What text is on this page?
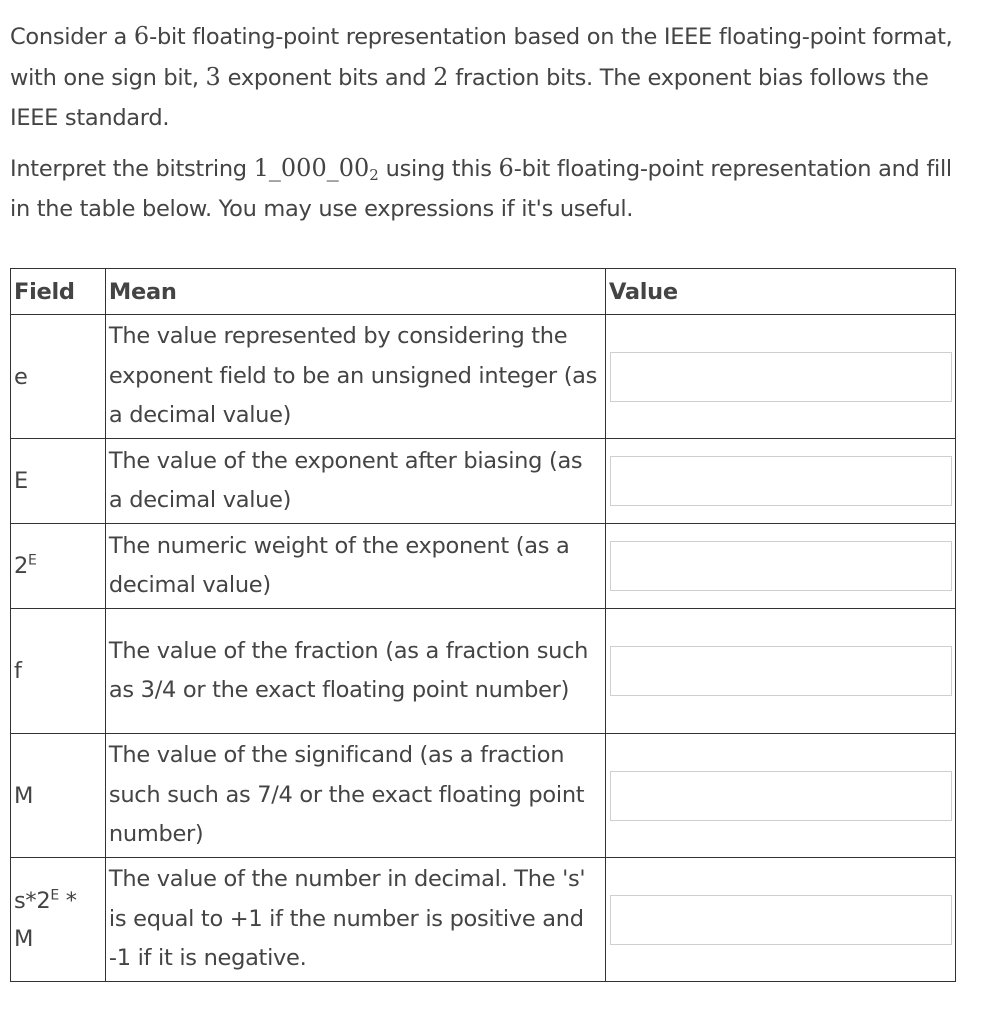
Consider a 6-bit floating-point representation based on the IEEE floating-point format, with one sign bit, 3 exponent bits and 2 fraction bits. The exponent bias follows the IEEE standard.

Interpret the bitstring $1\_000\_00_2$ using this 6-bit floating-point representation and fill in the table below. You may use expressions if it's useful.

Field	Mean	Value
e	The value represented by considering the exponent field to be an unsigned integer (as a decimal value)	

E	The value of the exponent after biasing (as a decimal value)	

$2^E$	The numeric weight of the exponent (as a decimal value)	

f	The value of the fraction (as a fraction such as 3/4 or the exact floating point number)	

M	The value of the significand (as a fraction such such as 7/4 or the exact floating point number)	

$s*2^E$ * M	The value of the number in decimal. The 's' is equal to +1 if the number is positive and -1 if it is negative.	
